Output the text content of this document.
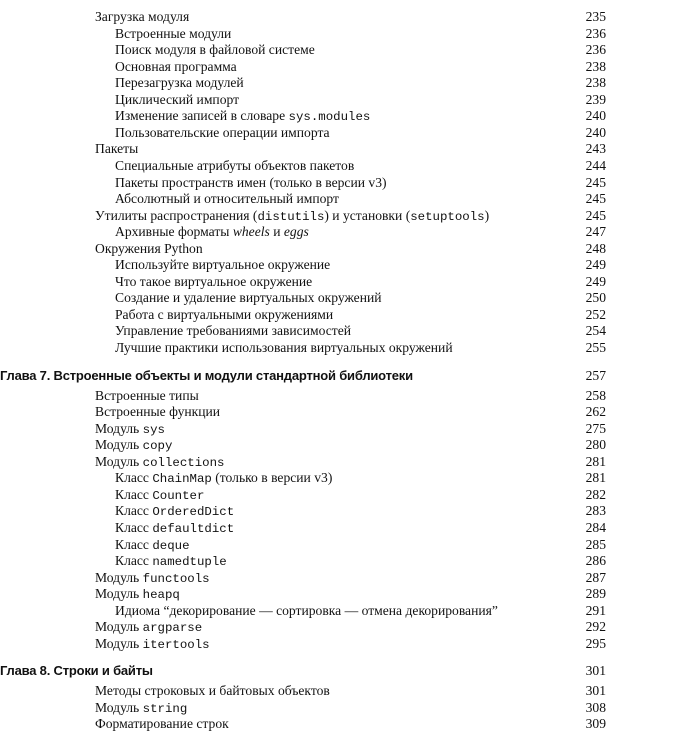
Загрузка модуля	235
Встроенные модули	236
Поиск модуля в файловой системе	236
Основная программа	238
Перезагрузка модулей	238
Циклический импорт	239
Изменение записей в словаре sys.modules	240
Пользовательские операции импорта	240
Пакеты	243
Специальные атрибуты объектов пакетов	244
Пакеты пространств имен (только в версии v3)	245
Абсолютный и относительный импорт	245
Утилиты распространения (distutils) и установки (setuptools)	245
Архивные форматы wheels и eggs	247
Окружения Python	248
Используйте виртуальное окружение	249
Что такое виртуальное окружение	249
Создание и удаление виртуальных окружений	250
Работа с виртуальными окружениями	252
Управление требованиями зависимостей	254
Лучшие практики использования виртуальных окружений	255
Глава 7. Встроенные объекты и модули стандартной библиотеки	257
Встроенные типы	258
Встроенные функции	262
Модуль sys	275
Модуль copy	280
Модуль collections	281
Класс ChainMap (только в версии v3)	281
Класс Counter	282
Класс OrderedDict	283
Класс defaultdict	284
Класс deque	285
Класс namedtuple	286
Модуль functools	287
Модуль heapq	289
Идиома “декорирование — сортировка — отмена декорирования”	291
Модуль argparse	292
Модуль itertools	295
Глава 8. Строки и байты	301
Методы строковых и байтовых объектов	301
Модуль string	308
Форматирование строк	309
